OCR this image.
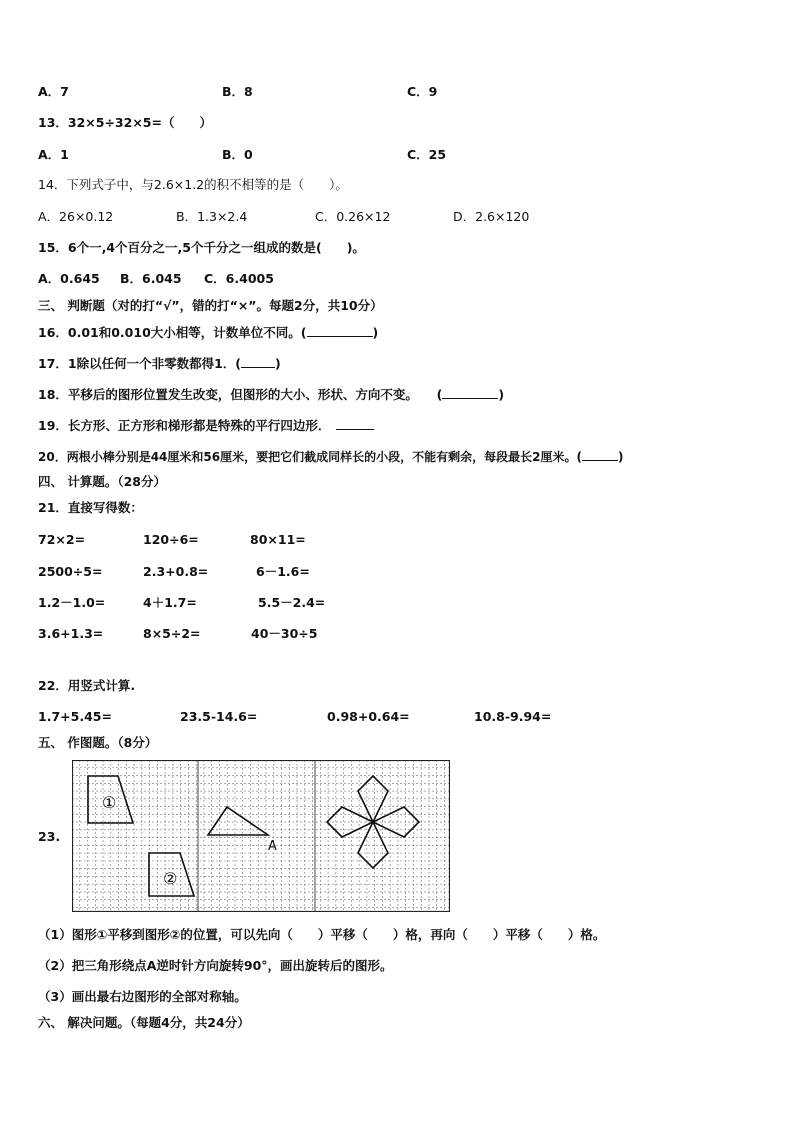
A．7	B．8	C．9
13．32×5÷32×5=（　　）
A．1	B．0	C．25
14．下列式子中，与2.6×1.2的积不相等的是（　　）。
A．26×0.12	B．1.3×2.4	C．0.26×12	D．2.6×120
15．6个一,4个百分之一,5个千分之一组成的数是(　　)。
A．0.645 B．6.045 C．6.4005
三、 判断题（对的打“√”，错的打“×”。每题2分，共10分）
16．0.01和0.010大小相等，计数单位不同。(	)
17．1除以任何一个非零数都得1．(	)
18．平移后的图形位置发生改变，但图形的大小、形状、方向不变。　　(	)
19．长方形、正方形和梯形都是特殊的平行四边形．
20．两根小棒分别是44厘米和56厘米，要把它们截成同样长的小段，不能有剩余，每段最长2厘米。(	)
四、 计算题。（28分）
21．直接写得数：
72×2=	120÷6=	80×11=
2500÷5=	2.3+0.8=	6－1.6=
1.2－1.0=	4＋1.7=	5.5－2.4=
3.6+1.3=	8×5÷2=	40－30÷5
22．用竖式计算.
1.7+5.45=	23.5-14.6=	0.98+0.64=	10.8-9.94=
五、 作图题。（8分）
23.
①
②
A
（1）图形①平移到图形②的位置，可以先向（　　）平移（　　）格，再向（　　）平移（　　）格。
（2）把三角形绕点A逆时针方向旋转90°，画出旋转后的图形。
（3）画出最右边图形的全部对称轴。
六、 解决问题。（每题4分，共24分）
